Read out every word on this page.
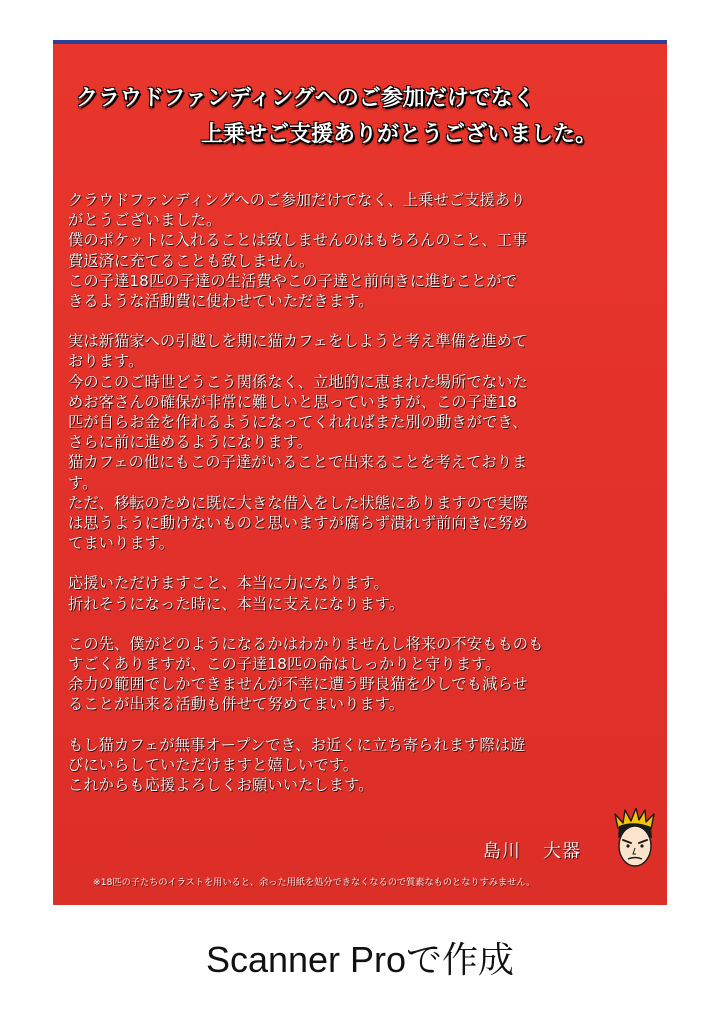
クラウドファンディングへのご参加だけでなく
上乗せご支援ありがとうございました。
クラウドファンディングへのご参加だけでなく、上乗せご支援あり
がとうございました。
僕のポケットに入れることは致しませんのはもちろんのこと、工事
費返済に充てることも致しません。
この子達18匹の子達の生活費やこの子達と前向きに進むことがで
きるような活動費に使わせていただきます。
実は新猫家への引越しを期に猫カフェをしようと考え準備を進めて
おります。
今のこのご時世どうこう関係なく、立地的に恵まれた場所でないた
めお客さんの確保が非常に難しいと思っていますが、この子達18
匹が自らお金を作れるようになってくれればまた別の動きができ、
さらに前に進めるようになります。
猫カフェの他にもこの子達がいることで出来ることを考えておりま
す。
ただ、移転のために既に大きな借入をした状態にありますので実際
は思うように動けないものと思いますが腐らず潰れず前向きに努め
てまいります。
応援いただけますこと、本当に力になります。
折れそうになった時に、本当に支えになります。
この先、僕がどのようになるかはわかりませんし将来の不安もものも
すごくありますが、この子達18匹の命はしっかりと守ります。
余力の範囲でしかできませんが不幸に遭う野良猫を少しでも減らせ
ることが出来る活動も併せて努めてまいります。
もし猫カフェが無事オープンでき、お近くに立ち寄られます際は遊
びにいらしていただけますと嬉しいです。
これからも応援よろしくお願いいたします。
島川 大器
※18匹の子たちのイラストを用いると、余った用紙を処分できなくなるので質素なものとなりすみません。
Scanner Proで作成
